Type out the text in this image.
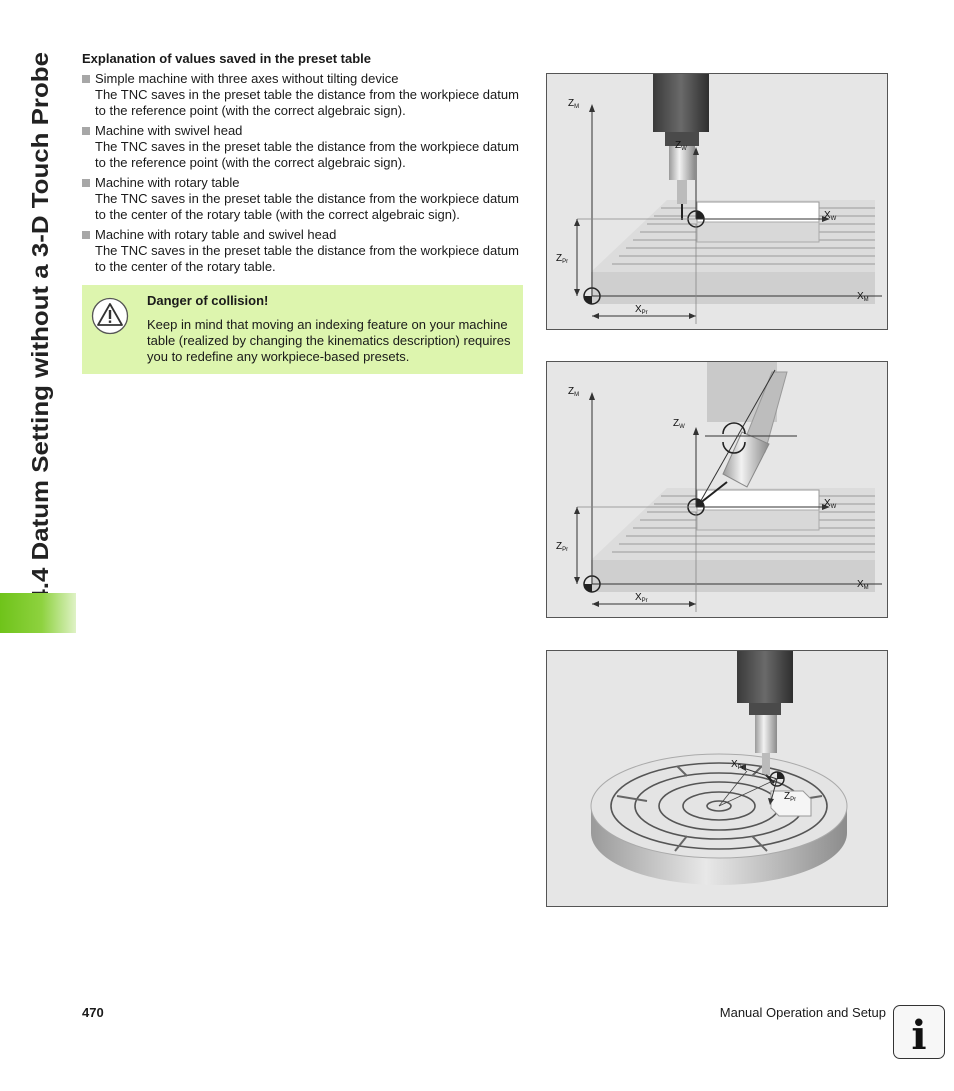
14.4 Datum Setting without a 3-D Touch Probe
Explanation of values saved in the preset table
Simple machine with three axes without tilting device
The TNC saves in the preset table the distance from the workpiece datum to the reference point (with the correct algebraic sign).
Machine with swivel head
The TNC saves in the preset table the distance from the workpiece datum to the reference point (with the correct algebraic sign).
Machine with rotary table
The TNC saves in the preset table the distance from the workpiece datum to the center of the rotary table (with the correct algebraic sign).
Machine with rotary table and swivel head
The TNC saves in the preset table the distance from the workpiece datum to the center of the rotary table.
Danger of collision!
Keep in mind that moving an indexing feature on your machine table (realized by changing the kinematics description) requires you to redefine any workpiece-based presets.
$Z_M$
$Z_W$
$X_W$
$Z_{Pr}$
$X_M$
$X_{Pr}$
$Z_M$
$Z_W$
$X_W$
$Z_{Pr}$
$X_M$
$X_{Pr}$
$X_{Pr}$
$Z_{Pr}$
470	Manual Operation and Setup i
